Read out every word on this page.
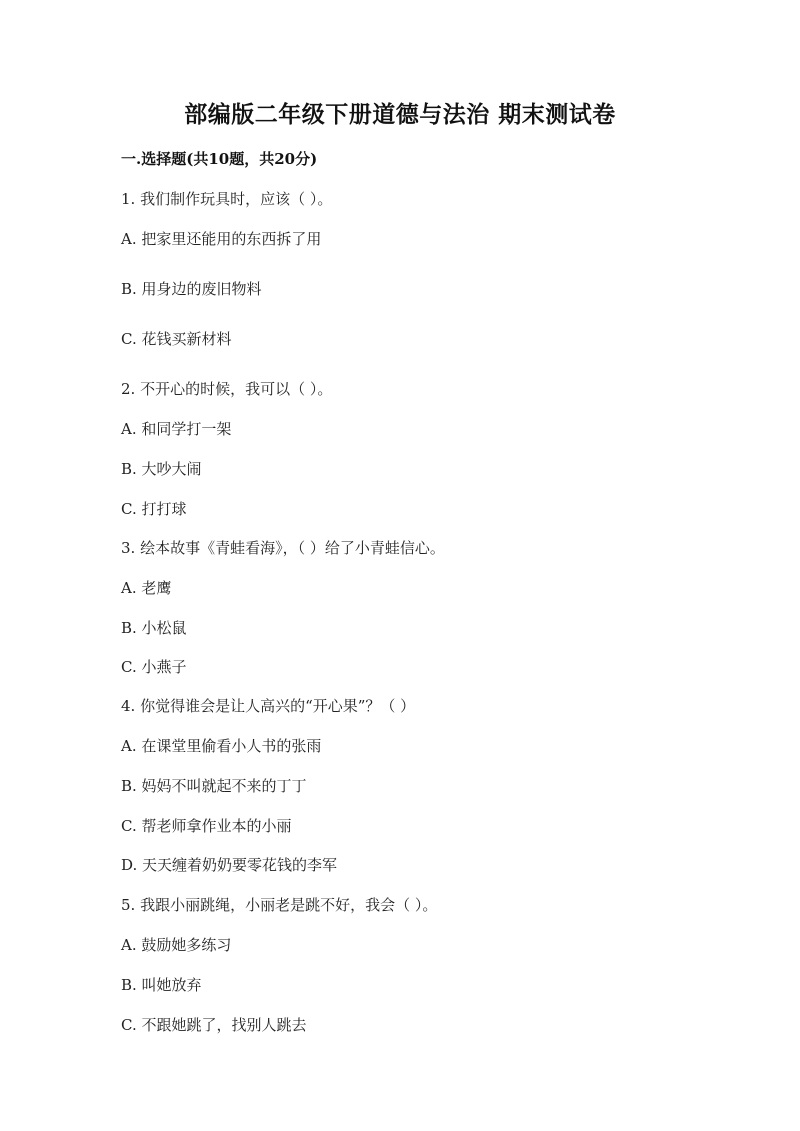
部编版二年级下册道德与法治 期末测试卷
一.选择题(共10题，共20分)
1. 我们制作玩具时，应该（ ）。
A. 把家里还能用的东西拆了用
B. 用身边的废旧物料
C. 花钱买新材料
2. 不开心的时候，我可以（ ）。
A. 和同学打一架
B. 大吵大闹
C. 打打球
3. 绘本故事《青蛙看海》，（ ）给了小青蛙信心。
A. 老鹰
B. 小松鼠
C. 小燕子
4. 你觉得谁会是让人高兴的“开心果”？（ ）
A. 在课堂里偷看小人书的张雨
B. 妈妈不叫就起不来的丁丁
C. 帮老师拿作业本的小丽
D. 天天缠着奶奶要零花钱的李军
5. 我跟小丽跳绳，小丽老是跳不好，我会（ ）。
A. 鼓励她多练习
B. 叫她放弃
C. 不跟她跳了，找别人跳去
